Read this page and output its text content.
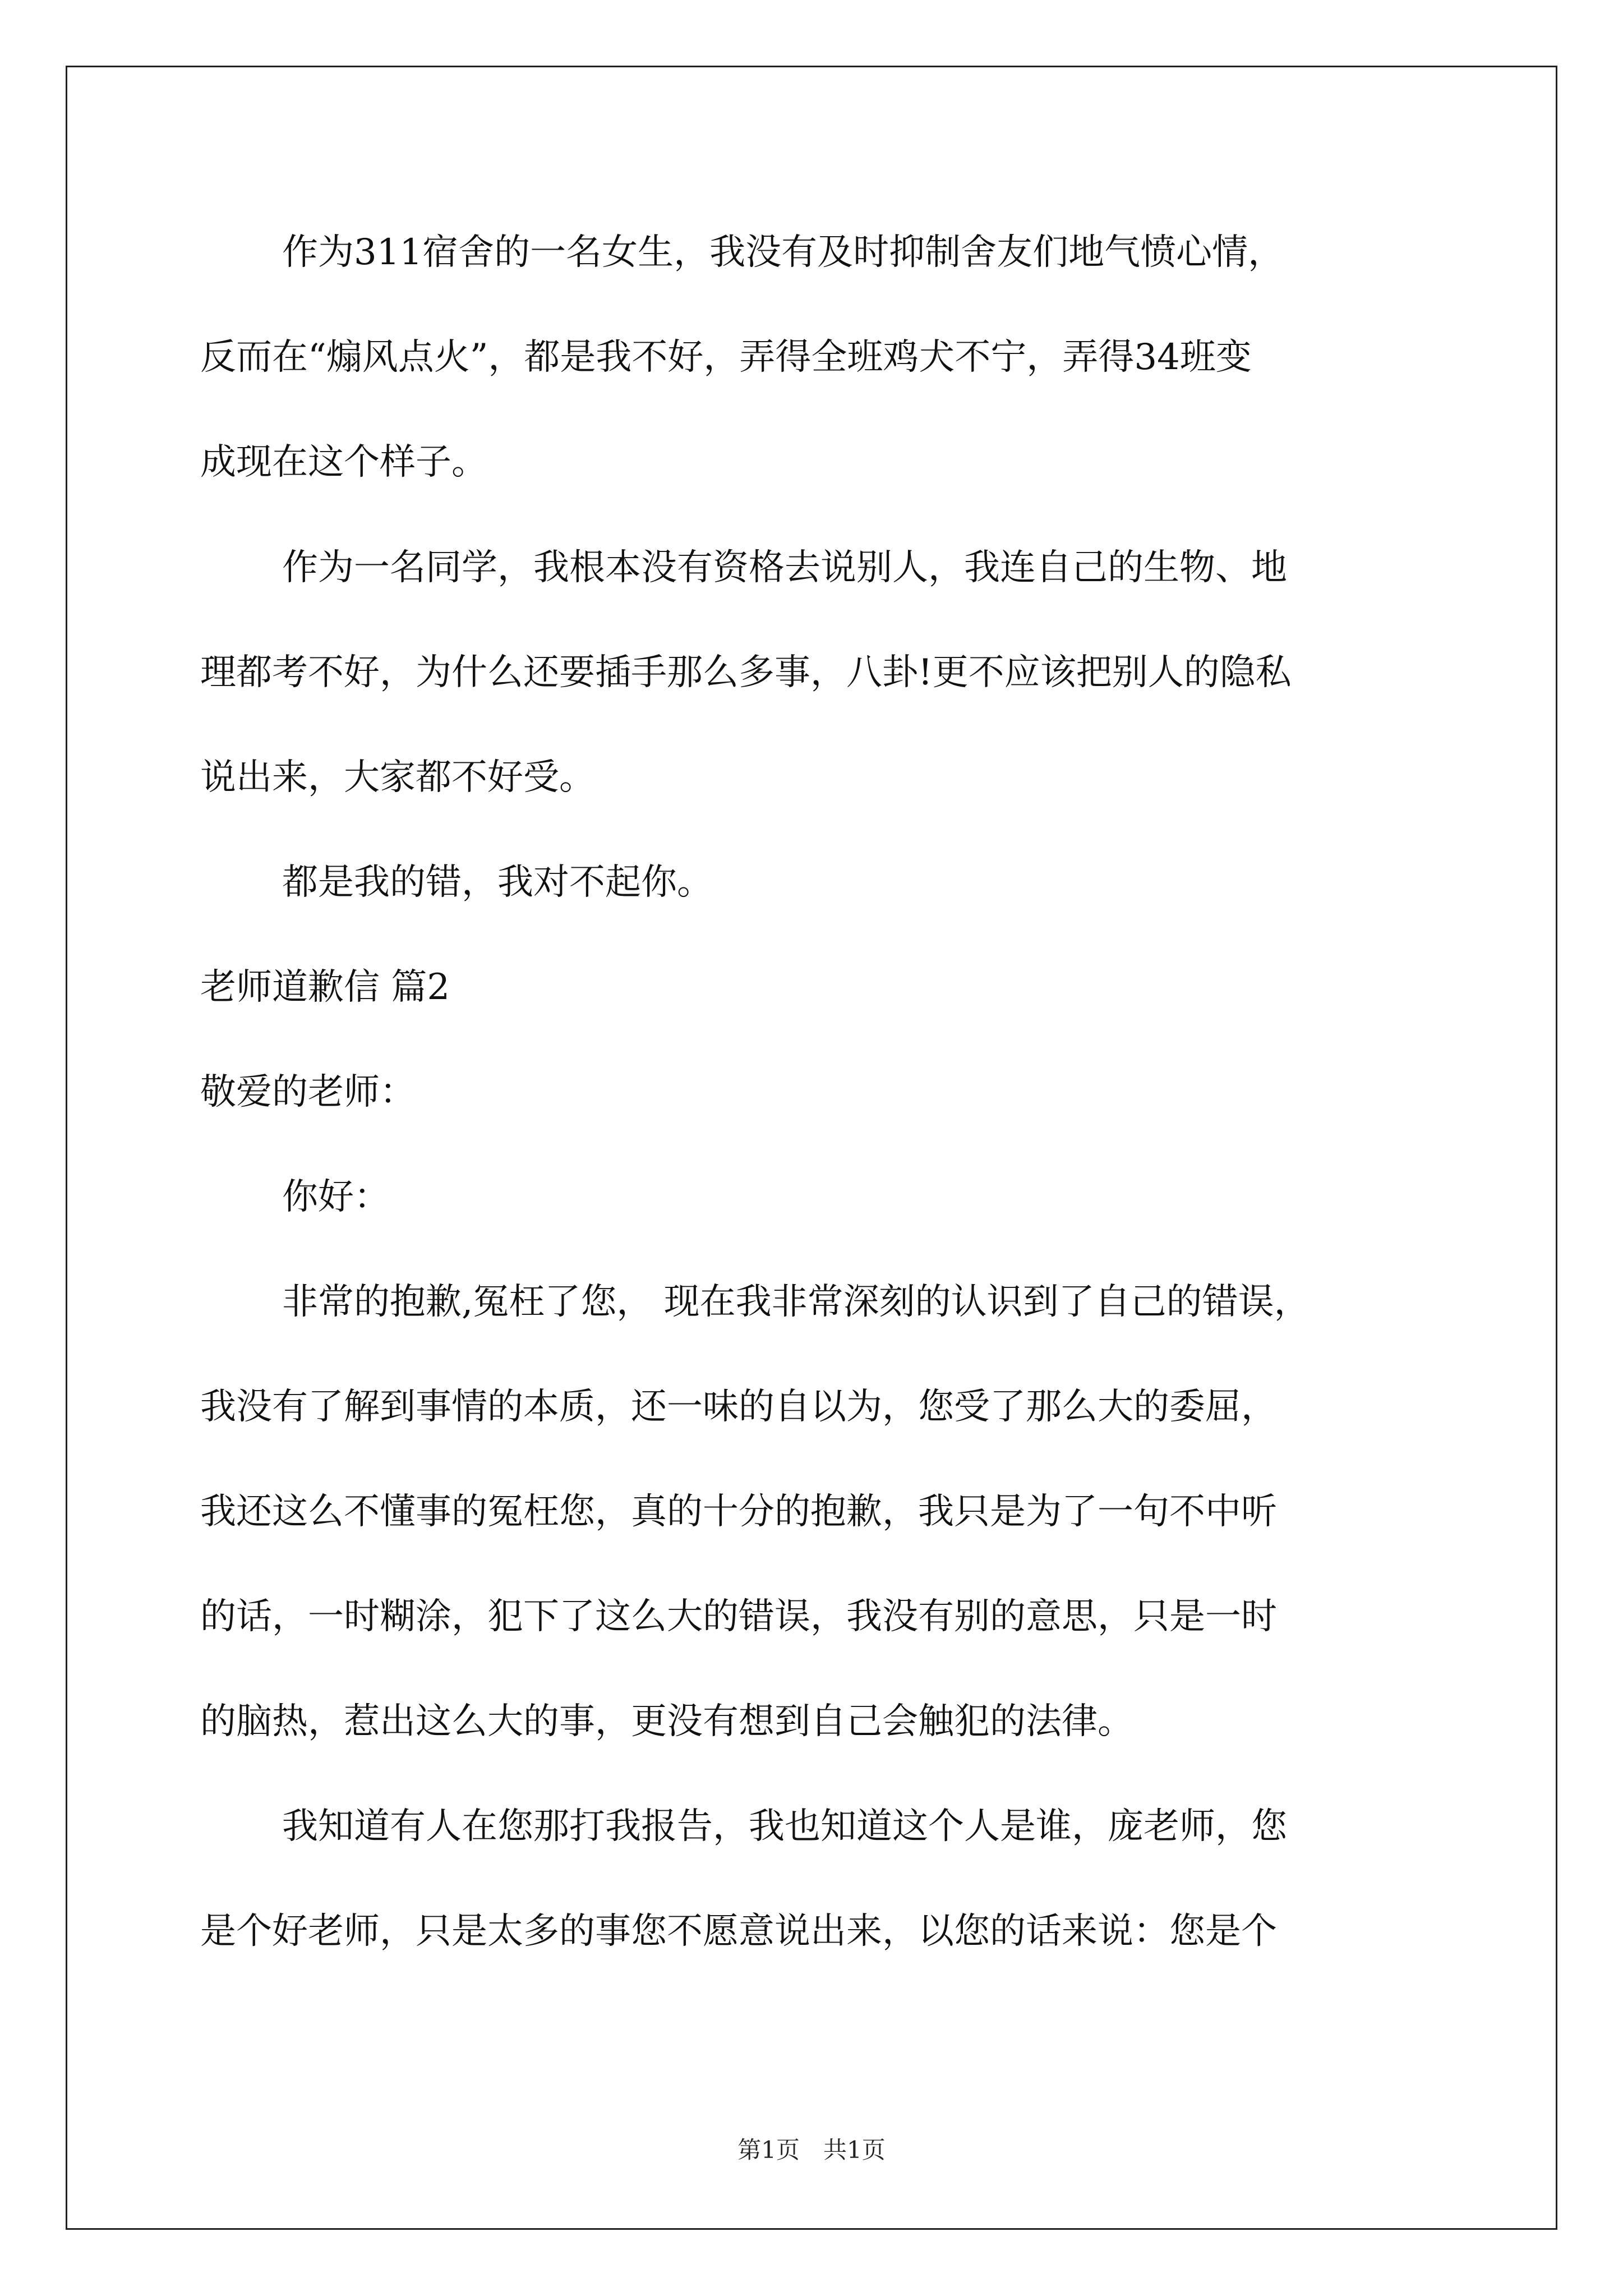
作为311宿舍的一名女生，我没有及时抑制舍友们地气愤心情，
反而在“煽风点火”，都是我不好，弄得全班鸡犬不宁，弄得34班变
成现在这个样子。
作为一名同学，我根本没有资格去说别人，我连自己的生物、地
理都考不好，为什么还要插手那么多事，八卦!更不应该把别人的隐私
说出来，大家都不好受。
都是我的错，我对不起你。
老师道歉信 篇2
敬爱的老师：
你好：
非常的抱歉,冤枉了您， 现在我非常深刻的认识到了自己的错误，
我没有了解到事情的本质，还一味的自以为，您受了那么大的委屈，
我还这么不懂事的冤枉您，真的十分的抱歉，我只是为了一句不中听
的话，一时糊涂，犯下了这么大的错误，我没有别的意思，只是一时
的脑热，惹出这么大的事，更没有想到自己会触犯的法律。
我知道有人在您那打我报告，我也知道这个人是谁，庞老师，您
是个好老师，只是太多的事您不愿意说出来，以您的话来说：您是个
第1页　共1页
